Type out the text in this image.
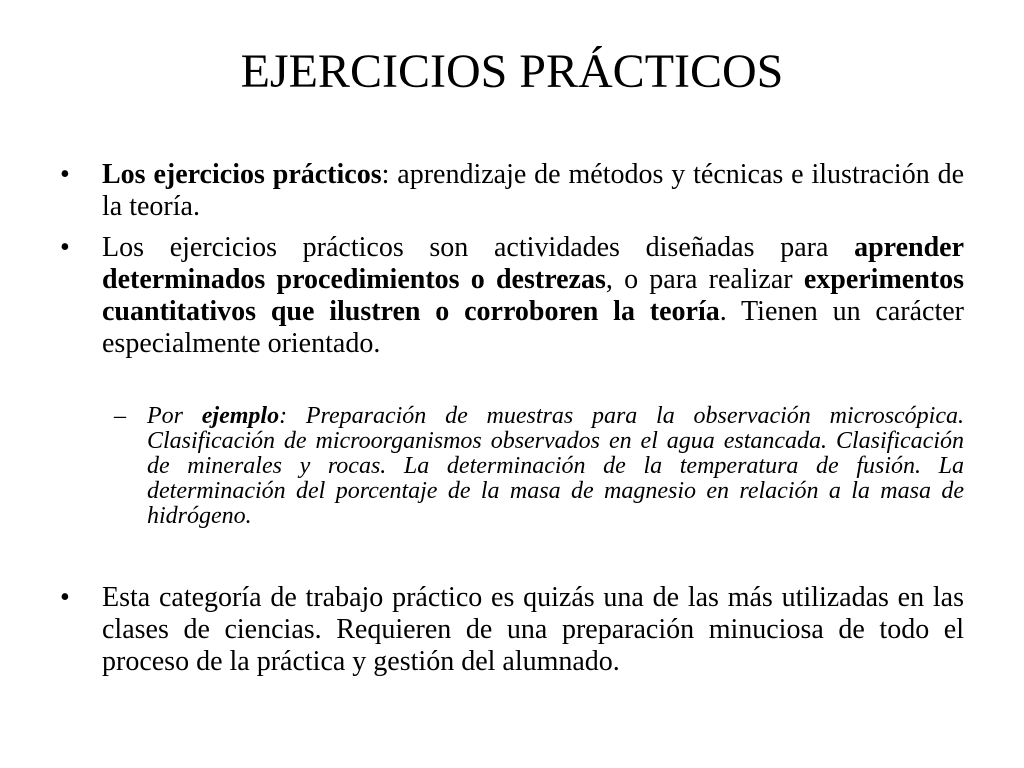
EJERCICIOS PRÁCTICOS
•	Los ejercicios prácticos: aprendizaje de métodos y técnicas e ilustración de la teoría.
•	Los ejercicios prácticos son actividades diseñadas para aprender determinados procedimientos o destrezas, o para realizar experimentos cuantitativos que ilustren o corroboren la teoría. Tienen un carácter especialmente orientado.
– Por ejemplo: Preparación de muestras para la observación microscópica. Clasificación de microorganismos observados en el agua estancada. Clasificación de minerales y rocas. La determinación de la temperatura de fusión. La determinación del porcentaje de la masa de magnesio en relación a la masa de hidrógeno.
•	Esta categoría de trabajo práctico es quizás una de las más utilizadas en las clases de ciencias. Requieren de una preparación minuciosa de todo el proceso de la práctica y gestión del alumnado.
